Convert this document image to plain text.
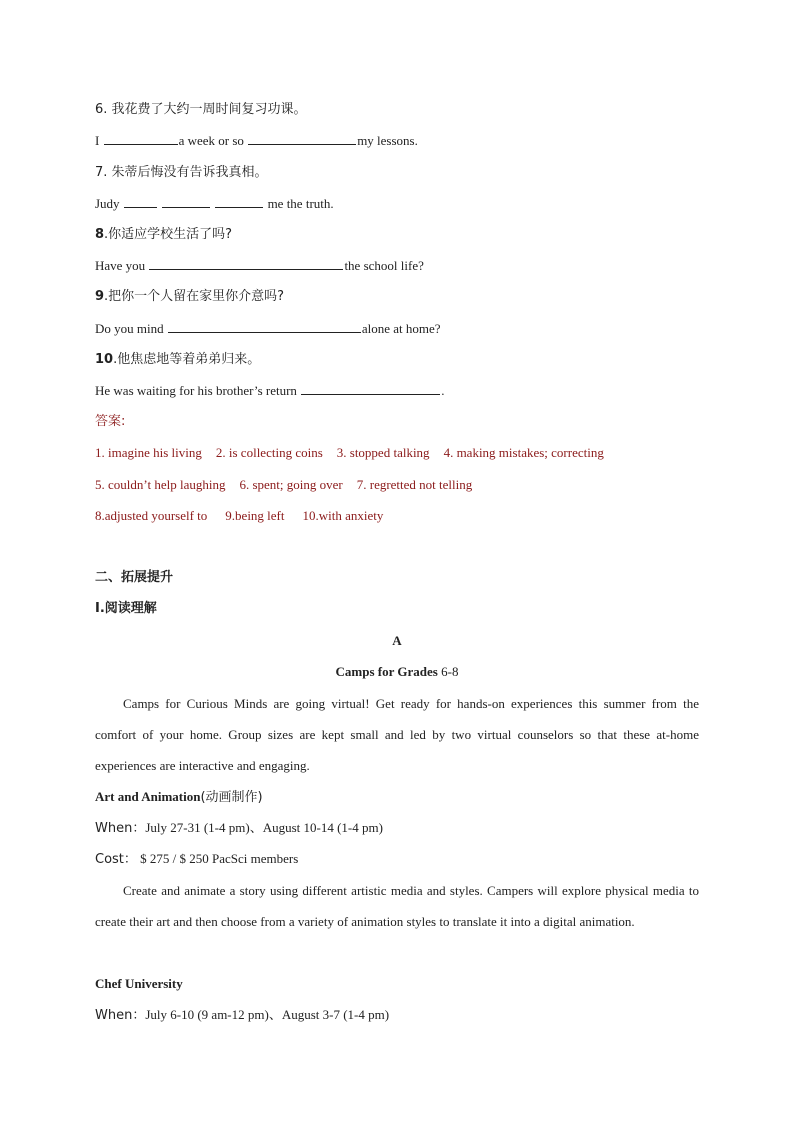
6. 我花费了大约一周时间复习功课。
I	a week or so	my lessons.
7. 朱蒂后悔没有告诉我真相。
Judy	me the truth.
8.你适应学校生活了吗?
Have you	the school life?
9.把你一个人留在家里你介意吗?
Do you mind	alone at home?
10.他焦虑地等着弟弟归来。
He was waiting for his brother’s return	.
答案:
1. imagine his living 2. is collecting coins 3. stopped talking 4. making mistakes; correcting
5. couldn’t help laughing 6. spent; going over 7. regretted not telling
8.adjusted yourself to 9.being left 10.with anxiety
二、拓展提升
I.阅读理解
A
Camps for Grades 6-8
Camps for Curious Minds are going virtual! Get ready for hands-on experiences this summer from the comfort of your home. Group sizes are kept small and led by two virtual counselors so that these at-home experiences are interactive and engaging.
Art and Animation(动画制作)
When：July 27-31 (1-4 pm)、August 10-14 (1-4 pm)
Cost： $ 275 / $ 250 PacSci members
Create and animate a story using different artistic media and styles. Campers will explore physical media to create their art and then choose from a variety of animation styles to translate it into a digital animation.
Chef University
When：July 6-10 (9 am-12 pm)、August 3-7 (1-4 pm)
